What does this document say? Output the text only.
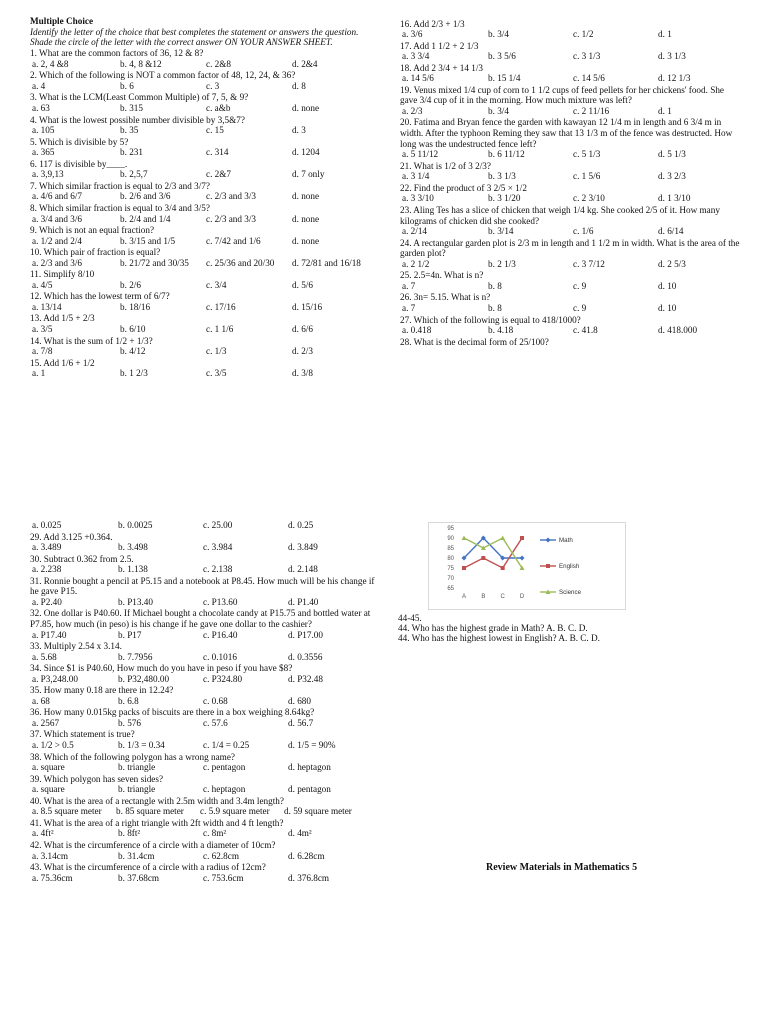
Multiple Choice
Identify the letter of the choice that best completes the statement or answers the question. Shade the circle of the letter with the correct answer ON YOUR ANSWER SHEET.
1. What are the common factors of 36, 12 & 8?
a. 2, 4 &8	b. 4, 8 &12	c. 2&8	d. 2&4
2. Which of the following is NOT a common factor of 48, 12, 24, & 36?
a. 4	b. 6	c. 3	d. 8
3. What is the LCM(Least Common Multiple) of 7, 5, & 9?
a. 63	b. 315	c. a&b	d. none
4. What is the lowest possible number divisible by 3,5&7?
a. 105	b. 35	c. 15	d. 3
5. Which is divisible by 5?
a. 365	b. 231	c. 314	d. 1204
6. 117 is divisible by____.
a. 3,9,13	b. 2,5,7	c. 2&7	d. 7 only
7. Which similar fraction is equal to 2/3 and 3/7?
a. 4/6 and 6/7	b. 2/6 and 3/6	c. 2/3 and 3/3	d. none
8. Which similar fraction is equal to 3/4 and 3/5?
a. 3/4 and 3/6	b. 2/4 and 1/4	c. 2/3 and 3/3	d. none
9. Which is not an equal fraction?
a. 1/2 and 2/4	b. 3/15 and 1/5	c. 7/42 and 1/6	d. none
10. Which pair of fraction is equal?
a. 2/3 and 3/6	b. 21/72 and 30/35 c. 25/36 and 20/30 d. 72/81 and 16/18
11. Simplify 8/10
a. 4/5	b. 2/6	c. 3/4	d. 5/6
12. Which has the lowest term of 6/7?
a. 13/14	b. 18/16	c. 17/16	d. 15/16
13. Add 1/5 + 2/3
a. 3/5	b. 6/10	c. 1 1/6	d. 6/6
14. What is the sum of 1/2 + 1/3?
a. 7/8	b. 4/12	c. 1/3	d. 2/3
15. Add 1/6 + 1/2
a. 1	b. 1 2/3	c. 3/5	d. 3/8
16. Add 2/3 + 1/3
a. 3/6	b. 3/4	c. 1/2	d. 1
17. Add 1 1/2 + 2 1/3
a. 3 3/4	b. 3 5/6	c. 3 1/3	d. 3 1/3
18. Add 2 3/4 + 14 1/3
a. 14 5/6	b. 15 1/4	c. 14 5/6	d. 12 1/3
19. Venus mixed 1/4 cup of corn to 1 1/2 cups of feed pellets for her chickens' food. She gave 3/4 cup of it in the morning. How much mixture was left?
a. 2/3	b. 3/4	c. 2 11/16	d. 1
20. Fatima and Bryan fence the garden with kawayan 12 1/4 m in length and 6 3/4 m in width. After the typhoon Reming they saw that 13 1/3 m of the fence was destructed. How long was the undestructed fence left?
a. 5 11/12	b. 6 11/12	c. 5 1/3	d. 5 1/3
21. What is 1/2 of 3 2/3?
a. 3 1/4	b. 3 1/3	c. 1 5/6	d. 3 2/3
22. Find the product of 3 2/5 × 1/2
a. 3 3/10	b. 3 1/20	c. 2 3/10	d. 1 3/10
23. Aling Tes has a slice of chicken that weigh 1/4 kg. She cooked 2/5 of it. How many kilograms of chicken did she cooked?
a. 2/14	b. 3/14	c. 1/6	d. 6/14
24. A rectangular garden plot is 2/3 m in length and 1 1/2 m in width. What is the area of the garden plot?
a. 2 1/2	b. 2 1/3	c. 3 7/12	d. 2 5/3
25. 2.5=4n. What is n?
a. 7	b. 8	c. 9	d. 10
26. 3n= 5.15. What is n?
a. 7	b. 8	c. 9	d. 10
27. Which of the following is equal to 418/1000?
a. 0.418	b. 4.18	c. 41.8	d. 418.000
28. What is the decimal form of 25/100?
a. 0.025	b. 0.0025	c. 25.00	d. 0.25
29. Add 3.125 +0.364.
a. 3.489	b. 3.498	c. 3.984	d. 3.849
30. Subtract 0.362 from 2.5.
a. 2.238	b. 1.138	c. 2.138	d. 2.148
31. Ronnie bought a pencil at P5.15 and a notebook at P8.45. How much will be his change if he gave P15.
a. P2.40	b. P13.40	c. P13.60	d. P1.40
32. One dollar is P40.60. If Michael bought a chocolate candy at P15.75 and bottled water at P7.85, how much (in peso) is his change if he gave one dollar to the cashier?
a. P17.40	b. P17	c. P16.40	d. P17.00
33. Multiply 2.54 x 3.14.
a. 5.68	b. 7.7956	c. 0.1016	d. 0.3556
34. Since $1 is P40.60, How much do you have in peso if you have $8?
a. P3,248.00	b. P32,480.00	c. P324.80	d. P32.48
35. How many 0.18 are there in 12.24?
a. 68	b. 6.8	c. 0.68	d. 680
36. How many 0.015kg packs of biscuits are there in a box weighing 8.64kg?
a. 2567	b. 576	c. 57.6	d. 56.7
37. Which statement is true?
a. 1/2 > 0.5	b. 1/3 = 0.34	c. 1/4 = 0.25	d. 1/5 = 90%
38. Which of the following polygon has a wrong name?
a. square	b. triangle	c. pentagon	d. heptagon
39. Which polygon has seven sides?
a. square	b. triangle	c. heptagon	d. pentagon
40. What is the area of a rectangle with 2.5m width and 3.4m length?
a. 8.5 square meter b. 85 square meter c. 5.9 square meter d. 59 square meter
41. What is the area of a right triangle with 2ft width and 4 ft length?
a. 4ft²	b. 8ft²	c. 8m²	d. 4m²
42. What is the circumference of a circle with a diameter of 10cm?
a. 3.14cm	b. 31.4cm	c. 62.8cm	d. 6.28cm
43. What is the circumference of a circle with a radius of 12cm?
a. 75.36cm	b. 37.68cm	c. 753.6cm	d. 376.8cm
95
90
85
80
75
70
65
A	B	C D
Math
English
Science
44-45.
44. Who has the highest grade in Math? A. B. C. D.
44. Who has the highest lowest in English? A. B. C. D.
Review Materials in Mathematics 5
